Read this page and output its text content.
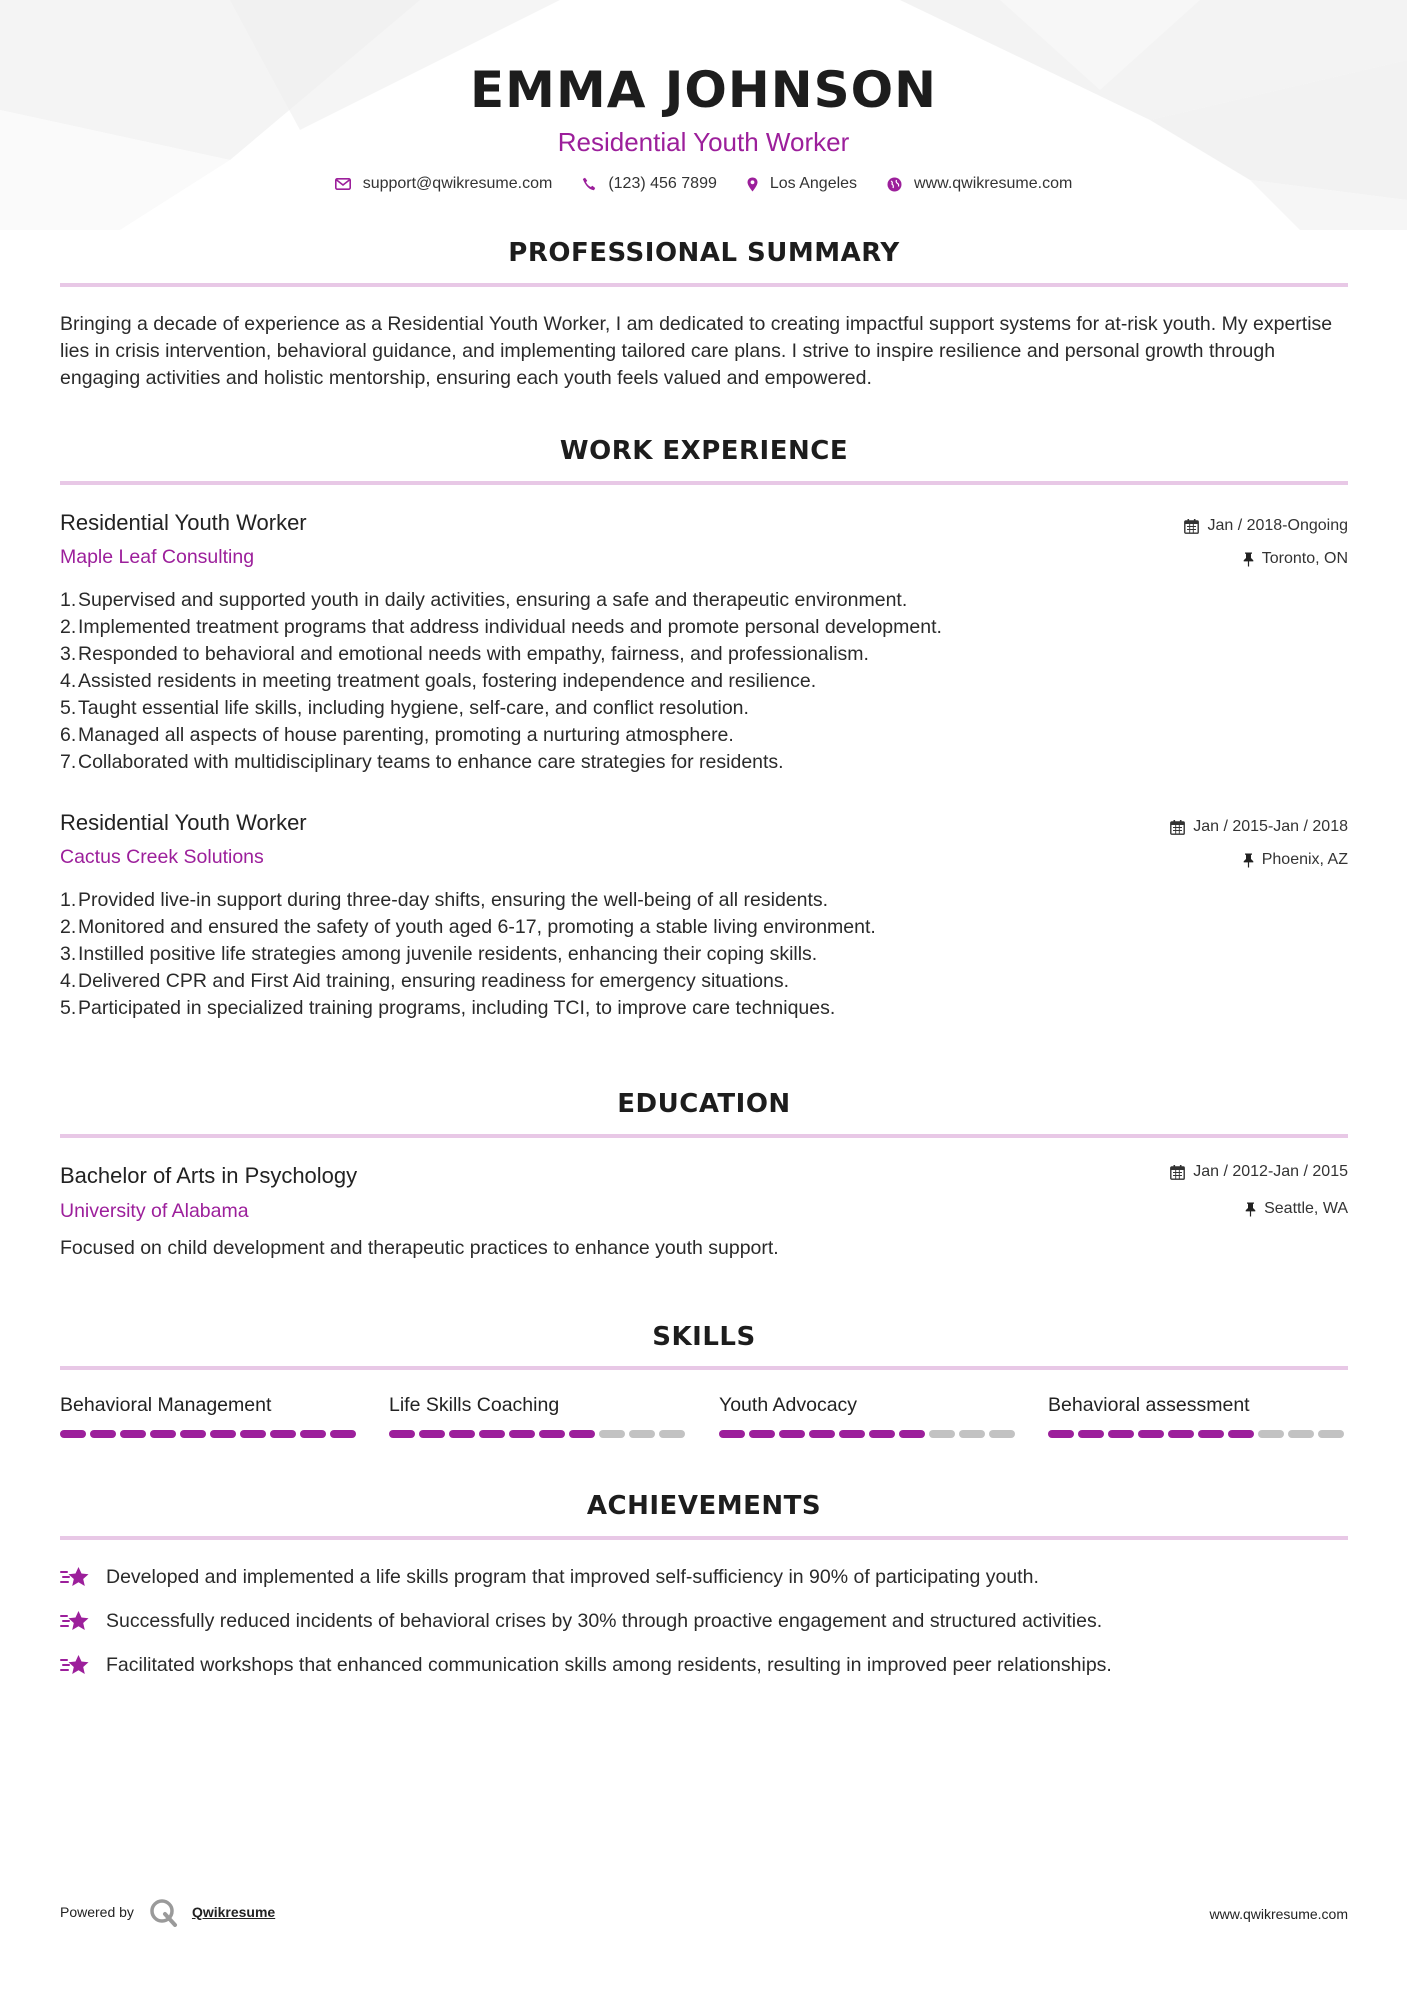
EMMA JOHNSON
Residential Youth Worker
support@qwikresume.com	(123) 456 7899	Los Angeles	www.qwikresume.com
PROFESSIONAL SUMMARY
Bringing a decade of experience as a Residential Youth Worker, I am dedicated to creating impactful support systems for at-risk youth. My expertise lies in crisis intervention, behavioral guidance, and implementing tailored care plans. I strive to inspire resilience and personal growth through engaging activities and holistic mentorship, ensuring each youth feels valued and empowered.
WORK EXPERIENCE
Residential Youth Worker
Maple Leaf Consulting
Jan / 2018-Ongoing
Toronto, ON
1. Supervised and supported youth in daily activities, ensuring a safe and therapeutic environment.
2. Implemented treatment programs that address individual needs and promote personal development.
3. Responded to behavioral and emotional needs with empathy, fairness, and professionalism.
4. Assisted residents in meeting treatment goals, fostering independence and resilience.
5. Taught essential life skills, including hygiene, self-care, and conflict resolution.
6. Managed all aspects of house parenting, promoting a nurturing atmosphere.
7. Collaborated with multidisciplinary teams to enhance care strategies for residents.
Residential Youth Worker
Cactus Creek Solutions
Jan / 2015-Jan / 2018
Phoenix, AZ
1. Provided live-in support during three-day shifts, ensuring the well-being of all residents.
2. Monitored and ensured the safety of youth aged 6-17, promoting a stable living environment.
3. Instilled positive life strategies among juvenile residents, enhancing their coping skills.
4. Delivered CPR and First Aid training, ensuring readiness for emergency situations.
5. Participated in specialized training programs, including TCI, to improve care techniques.
EDUCATION
Bachelor of Arts in Psychology
University of Alabama
Jan / 2012-Jan / 2015
Seattle, WA
Focused on child development and therapeutic practices to enhance youth support.
SKILLS
Behavioral Management	Life Skills Coaching	Youth Advocacy	Behavioral assessment
ACHIEVEMENTS
Developed and implemented a life skills program that improved self-sufficiency in 90% of participating youth.
Successfully reduced incidents of behavioral crises by 30% through proactive engagement and structured activities.
Facilitated workshops that enhanced communication skills among residents, resulting in improved peer relationships.
Powered by	Qwikresume	www.qwikresume.com
